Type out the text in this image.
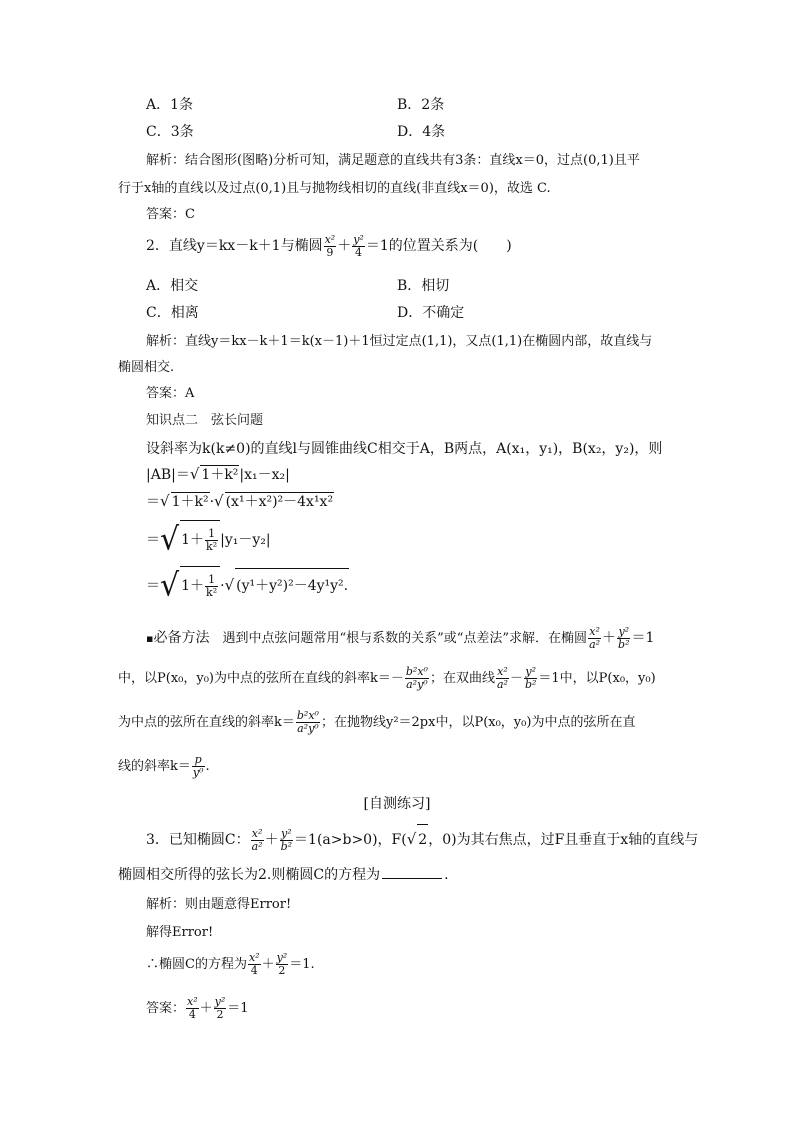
A．1条	B．2条
C．3条	D．4条
解析：结合图形(图略)分析可知，满足题意的直线共有3条：直线x＝0，过点(0,1)且平
行于x轴的直线以及过点(0,1)且与抛物线相切的直线(非直线x＝0)，故选 C.
答案：C
2．直线y＝kx－k＋1与椭圆 $\frac{\text{x²}}{9} + \frac{\text{y²}}{4} =1$的位置关系为(　　)
A．相交	B．相切
C．相离	D．不确定
解析：直线y＝kx－k＋1＝k(x－1)＋1恒过定点(1,1)，又点(1,1)在椭圆内部，故直线与
椭圆相交.
答案：A
知识点二　弦长问题
设斜率为k(k≠0)的直线l与圆锥曲线C相交于A，B两点，A(x₁，y₁)，B(x₂，y₂)，则
|AB|＝√ 1＋k²|x₁－x₂|
＝√ 1＋k²·√ (x¹＋x²)²－4x¹x²
＝√ $1+ \frac{1}{\text{k²}} |y_1-y_2|$
＝√ $1+ \frac{1}{\text{k²}}$ ·√ (y¹＋y²)²－4y¹y².
▪必备方法　遇到中点弦问题常用“根与系数的关系”或“点差法”求解．在椭圆 $\frac{\text{x²}}{\text{a²}} + \frac{\text{y²}}{\text{b²}} =1$
中，以P(x₀，y₀)为中点的弦所在直线的斜率$k=- \frac{\text{b²x⁰}}{\text{a²y⁰}}$ ；在双曲线 $\frac{\text{x²}}{\text{a²}} - \frac{\text{y²}}{\text{b²}} =1$中，以P(x₀，y₀)
为中点的弦所在直线的斜率$k= \frac{\text{b²x⁰}}{\text{a²y⁰}}$ ；在抛物线y²＝2px中，以P(x₀，y₀)为中点的弦所在直
线的斜率$k= \frac{p}{\text{y⁰}}$ .
[自测练习]
3．已知椭圆C： $\frac{\text{x²}}{\text{a²}} + \frac{\text{y²}}{\text{b²}} =1(a>b>0)$，F(√ 2，0)为其右焦点，过F且垂直于x轴的直线与
椭圆相交所得的弦长为2.则椭圆C的方程为	.
解析：则由题意得Error!
解得Error!
∴椭圆C的方程为 $\frac{\text{x²}}{4} + \frac{\text{y²}}{2} =1$.
答案： $\frac{\text{x²}}{4} + \frac{\text{y²}}{2} =1$
